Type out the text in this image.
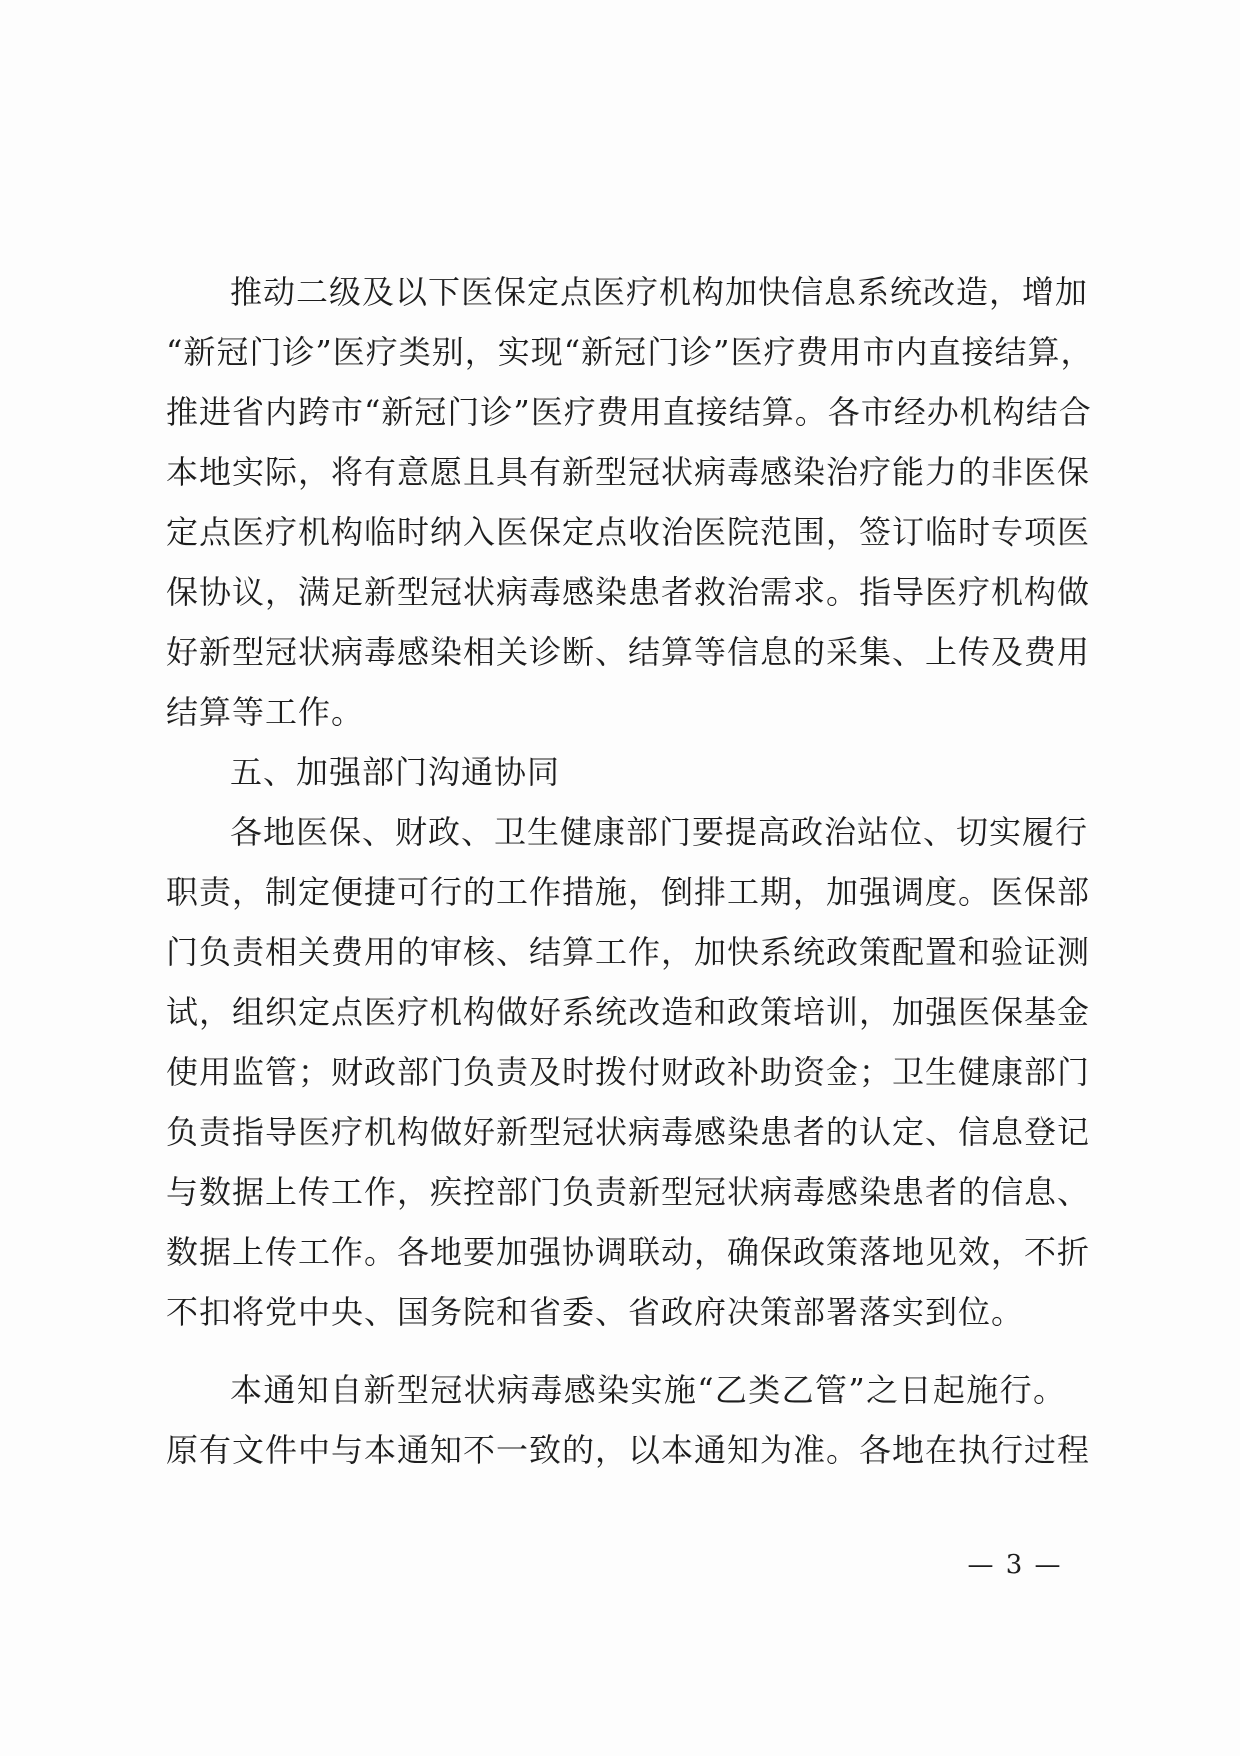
推动二级及以下医保定点医疗机构加快信息系统改造，增加
“新冠门诊”医疗类别，实现“新冠门诊”医疗费用市内直接结算，
推进省内跨市“新冠门诊”医疗费用直接结算。各市经办机构结合
本地实际，将有意愿且具有新型冠状病毒感染治疗能力的非医保
定点医疗机构临时纳入医保定点收治医院范围，签订临时专项医
保协议，满足新型冠状病毒感染患者救治需求。指导医疗机构做
好新型冠状病毒感染相关诊断、结算等信息的采集、上传及费用
结算等工作。
五、加强部门沟通协同
各地医保、财政、卫生健康部门要提高政治站位、切实履行
职责，制定便捷可行的工作措施，倒排工期，加强调度。医保部
门负责相关费用的审核、结算工作，加快系统政策配置和验证测
试，组织定点医疗机构做好系统改造和政策培训，加强医保基金
使用监管；财政部门负责及时拨付财政补助资金；卫生健康部门
负责指导医疗机构做好新型冠状病毒感染患者的认定、信息登记
与数据上传工作，疾控部门负责新型冠状病毒感染患者的信息、
数据上传工作。各地要加强协调联动，确保政策落地见效，不折
不扣将党中央、国务院和省委、省政府决策部署落实到位。
本通知自新型冠状病毒感染实施“乙类乙管”之日起施行。
原有文件中与本通知不一致的，以本通知为准。各地在执行过程
— 3 —
